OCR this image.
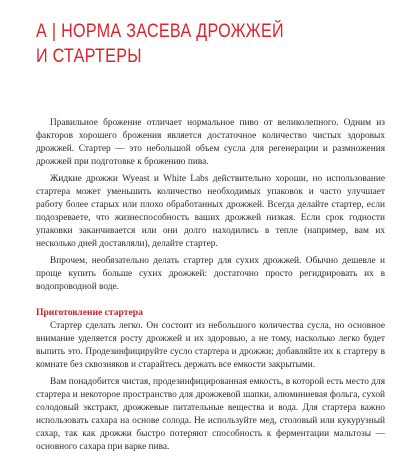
А | НОРМА ЗАСЕВА ДРОЖЖЕЙ
И СТАРТЕРЫ

Правильное брожение отличает нормальное пиво от великолепного. Одним из факторов хорошего брожения является достаточное количество чистых здоровых дрожжей. Стартер — это небольшой объем сусла для регенерации и размножения дрожжей при подготовке к брожению пива.

Жидкие дрожжи Wyeast и White Labs действительно хороши, но использование стартера может уменьшить количество необходимых упаковок и часто улучшает работу более старых или плохо обработанных дрожжей. Всегда делайте стартер, если подозреваете, что жизнеспособность ваших дрожжей низкая. Если срок годности упаковки заканчивается или они долго находились в тепле (например, вам их несколько дней доставляли), делайте стартер.

Впрочем, необязательно делать стартер для сухих дрожжей. Обычно дешевле и проще купить больше сухих дрожжей: достаточно просто регидрировать их в водопроводной воде.

Приготовление стартера

Стартер сделать легко. Он состоит из небольшого количества сусла, но основное внимание уделяется росту дрожжей и их здоровью, а не тому, насколько легко будет выпить это. Продезинфицируйте сусло стартера и дрожжи; добавляйте их к стартеру в комнате без сквозняков и старайтесь держать все емкости закрытыми.

Вам понадобится чистая, продезинфицированная емкость, в которой есть место для стартера и некоторое пространство для дрожжевой шапки, алюминиевая фольга, сухой солодовый экстракт, дрожжевые питательные вещества и вода. Для стартера важно использовать сахара на основе солода. Не используйте мед, столовый или кукурузный сахар, так как дрожжи быстро потеряют способность к ферментации мальтозы — основного сахара при варке пива.
